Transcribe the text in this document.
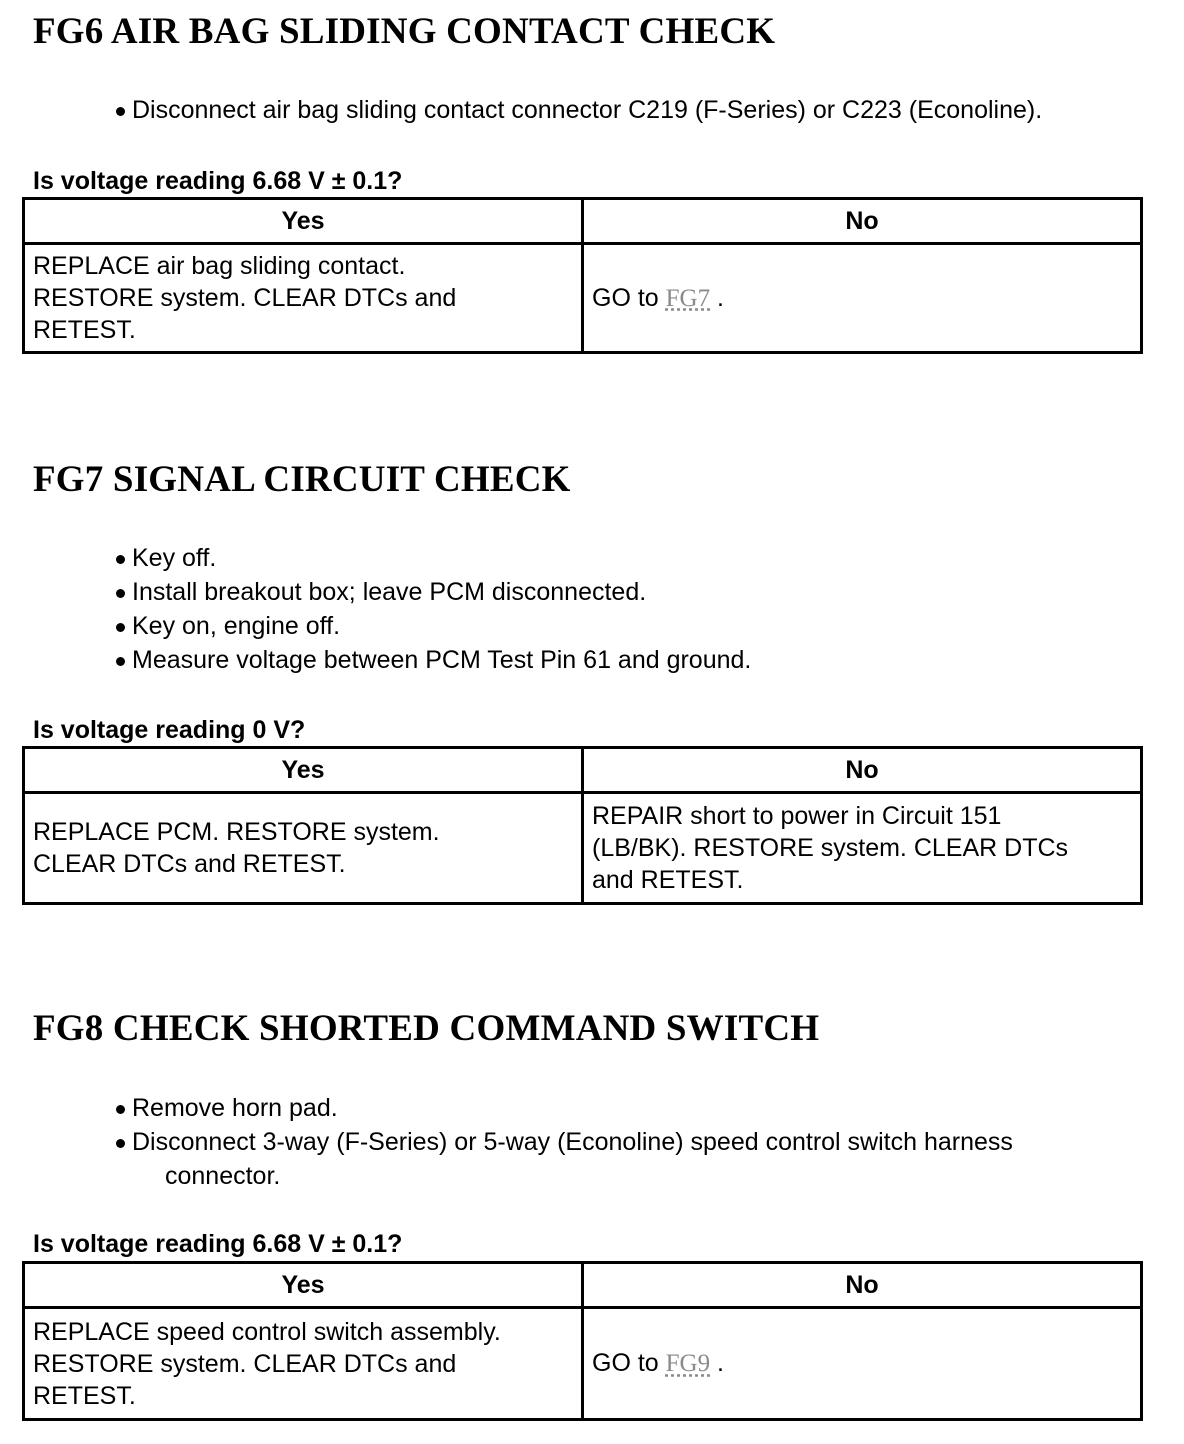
FG6 AIR BAG SLIDING CONTACT CHECK
Disconnect air bag sliding contact connector C219 (F-Series) or C223 (Econoline).
Is voltage reading 6.68 V ± 0.1?
Yes	No
REPLACE air bag sliding contact.
RESTORE system. CLEAR DTCs and
RETEST.	GO to FG7 .
FG7 SIGNAL CIRCUIT CHECK
Key off.
Install breakout box; leave PCM disconnected.
Key on, engine off.
Measure voltage between PCM Test Pin 61 and ground.
Is voltage reading 0 V?
Yes	No
REPLACE PCM. RESTORE system.
CLEAR DTCs and RETEST.	REPAIR short to power in Circuit 151
(LB/BK). RESTORE system. CLEAR DTCs
and RETEST.
FG8 CHECK SHORTED COMMAND SWITCH
Remove horn pad.
Disconnect 3-way (F-Series) or 5-way (Econoline) speed control switch harness
connector.
Is voltage reading 6.68 V ± 0.1?
Yes	No
REPLACE speed control switch assembly.
RESTORE system. CLEAR DTCs and
RETEST.	GO to FG9 .
